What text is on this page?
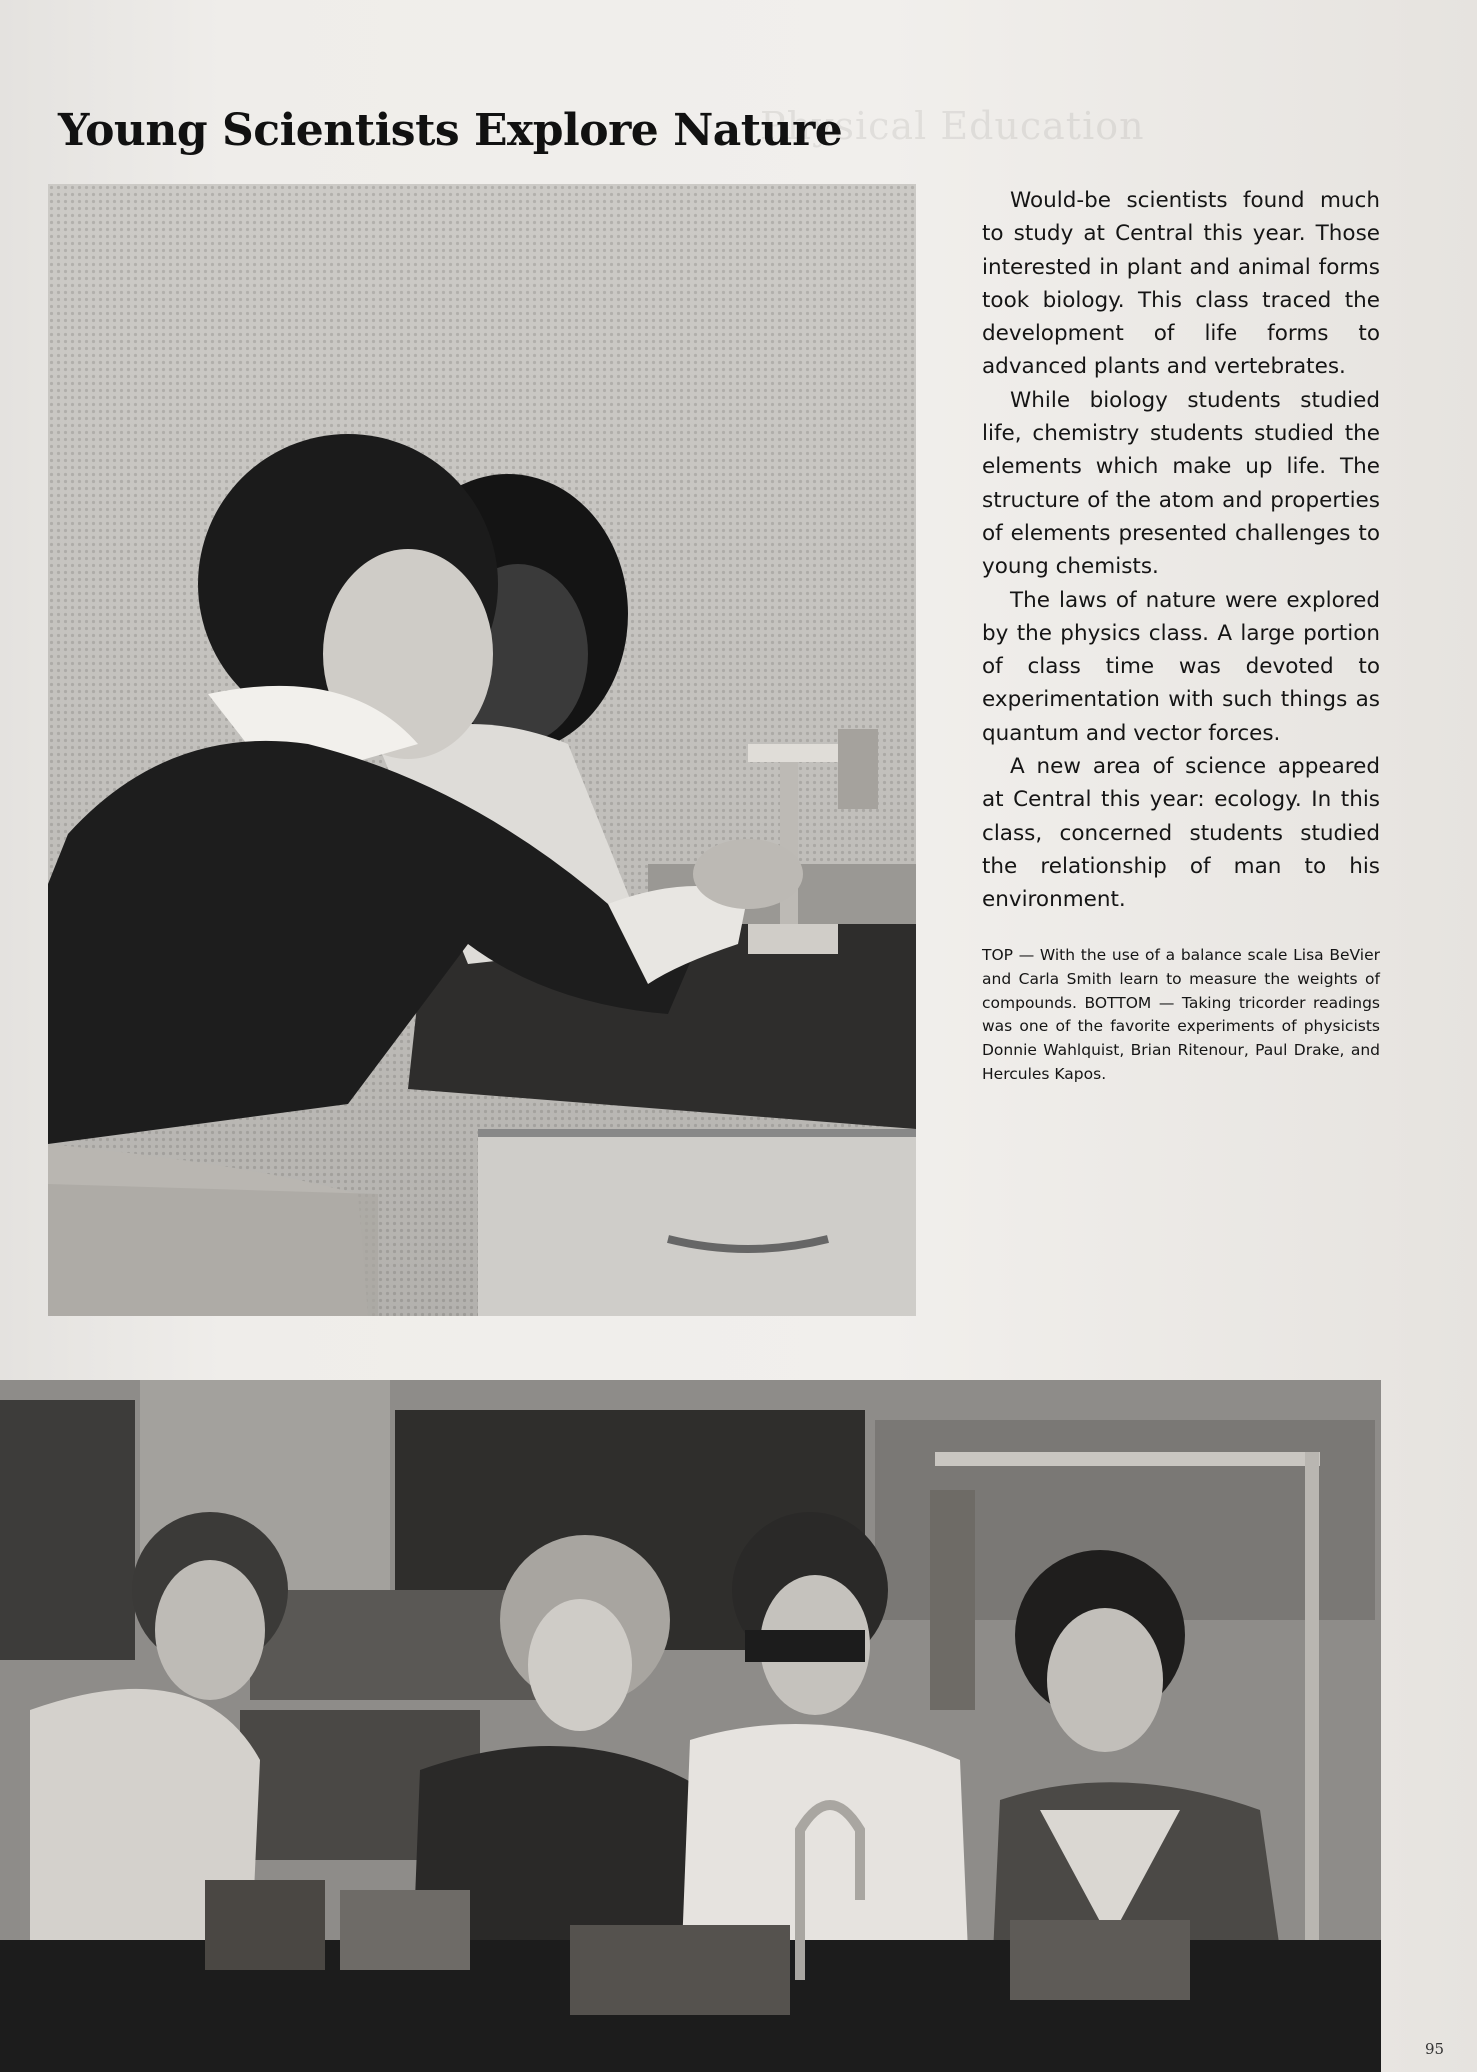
Physical Education
Young Scientists Explore Nature

Would-be scientists found much to study at Central this year. Those interested in plant and animal forms took biology. This class traced the development of life forms to advanced plants and vertebrates.

While biology students studied life, chemistry students studied the elements which make up life. The structure of the atom and properties of elements presented challenges to young chemists.

The laws of nature were explored by the physics class. A large portion of class time was devoted to experimentation with such things as quantum and vector forces.

A new area of science appeared at Central this year: ecology. In this class, concerned students studied the relationship of man to his environment.

TOP — With the use of a balance scale Lisa BeVier and Carla Smith learn to measure the weights of compounds. BOTTOM — Taking tricorder readings was one of the favorite experiments of physicists Donnie Wahlquist, Brian Ritenour, Paul Drake, and Hercules Kapos.
95
